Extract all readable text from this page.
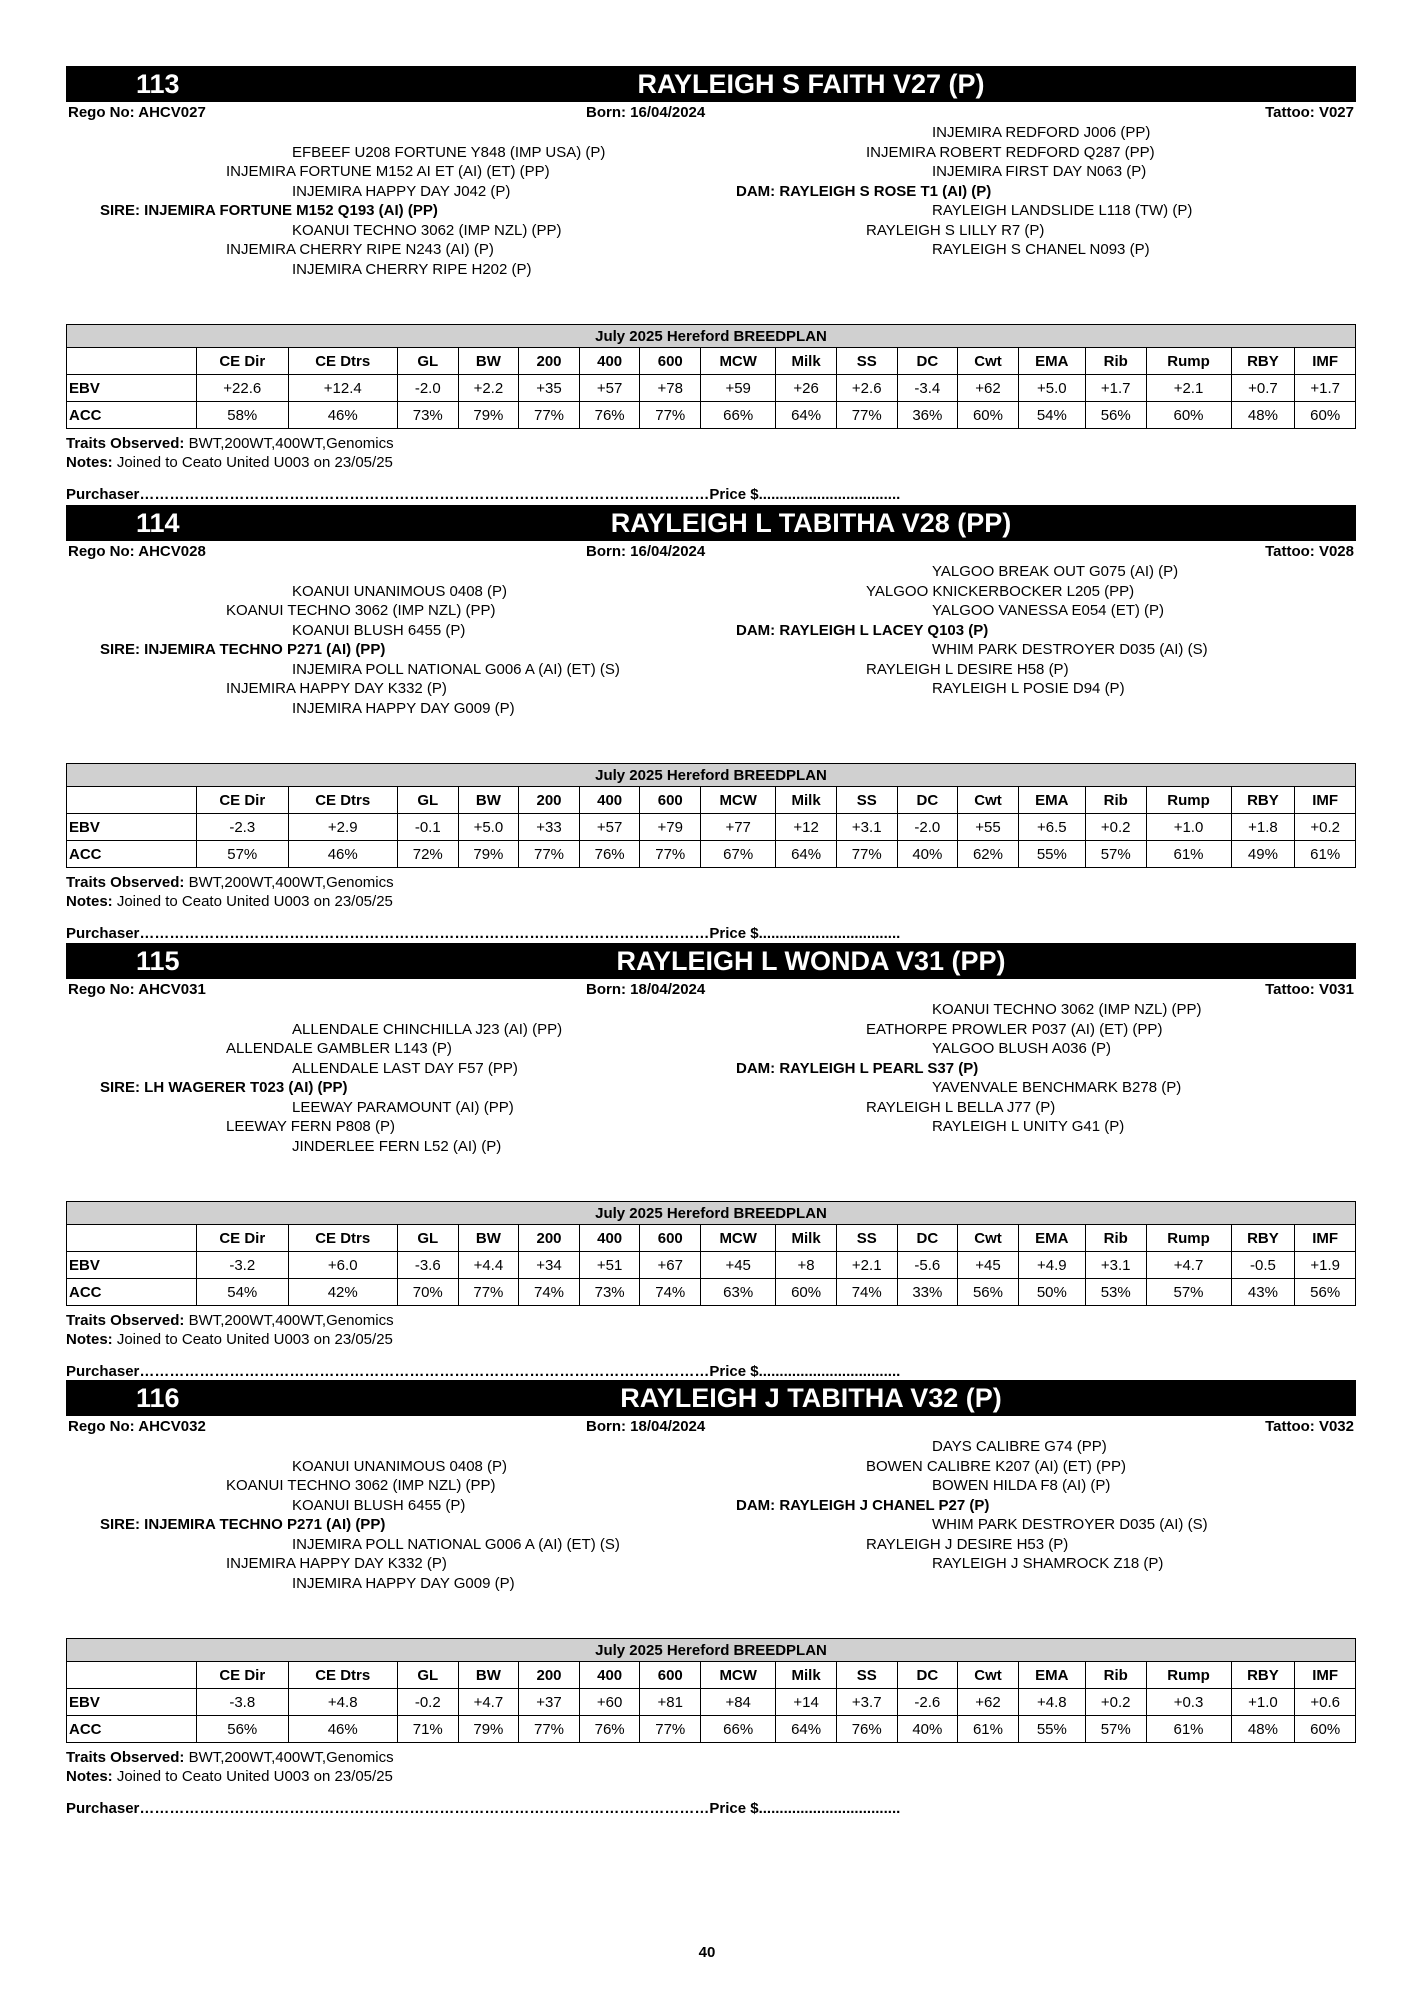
113	RAYLEIGH S FAITH V27 (P)
Rego No: AHCV027	Born: 16/04/2024	Tattoo: V027
EFBEEF U208 FORTUNE Y848 (IMP USA) (P)
INJEMIRA FORTUNE M152 AI ET (AI) (ET) (PP)
INJEMIRA HAPPY DAY J042 (P)
SIRE: INJEMIRA FORTUNE M152 Q193 (AI) (PP)
KOANUI TECHNO 3062 (IMP NZL) (PP)
INJEMIRA CHERRY RIPE N243 (AI) (P)
INJEMIRA CHERRY RIPE H202 (P)
INJEMIRA REDFORD J006 (PP)
INJEMIRA ROBERT REDFORD Q287 (PP)
INJEMIRA FIRST DAY N063 (P)
DAM: RAYLEIGH S ROSE T1 (AI) (P)
RAYLEIGH LANDSLIDE L118 (TW) (P)
RAYLEIGH S LILLY R7 (P)
RAYLEIGH S CHANEL N093 (P)
July 2025 Hereford BREEDPLAN																	
	CE Dir	CE Dtrs	GL	BW	200	400	600	MCW	Milk	SS	DC	Cwt	EMA	Rib	Rump	RBY	IMF
EBV	+22.6	+12.4	-2.0	+2.2	+35	+57	+78	+59	+26	+2.6	-3.4	+62	+5.0	+1.7	+2.1	+0.7	+1.7
ACC	58%	46%	73%	79%	77%	76%	77%	66%	64%	77%	36%	60%	54%	56%	60%	48%	60%
Traits Observed: BWT,200WT,400WT,Genomics
Notes: Joined to Ceato United U003 on 23/05/25
Purchaser……………………………………………………………………………………………………Price $..................................
114	RAYLEIGH L TABITHA V28 (PP)
Rego No: AHCV028	Born: 16/04/2024	Tattoo: V028
KOANUI UNANIMOUS 0408 (P)
KOANUI TECHNO 3062 (IMP NZL) (PP)
KOANUI BLUSH 6455 (P)
SIRE: INJEMIRA TECHNO P271 (AI) (PP)
INJEMIRA POLL NATIONAL G006 A (AI) (ET) (S)
INJEMIRA HAPPY DAY K332 (P)
INJEMIRA HAPPY DAY G009 (P)
YALGOO BREAK OUT G075 (AI) (P)
YALGOO KNICKERBOCKER L205 (PP)
YALGOO VANESSA E054 (ET) (P)
DAM: RAYLEIGH L LACEY Q103 (P)
WHIM PARK DESTROYER D035 (AI) (S)
RAYLEIGH L DESIRE H58 (P)
RAYLEIGH L POSIE D94 (P)
July 2025 Hereford BREEDPLAN																	
	CE Dir	CE Dtrs	GL	BW	200	400	600	MCW	Milk	SS	DC	Cwt	EMA	Rib	Rump	RBY	IMF
EBV	-2.3	+2.9	-0.1	+5.0	+33	+57	+79	+77	+12	+3.1	-2.0	+55	+6.5	+0.2	+1.0	+1.8	+0.2
ACC	57%	46%	72%	79%	77%	76%	77%	67%	64%	77%	40%	62%	55%	57%	61%	49%	61%
Traits Observed: BWT,200WT,400WT,Genomics
Notes: Joined to Ceato United U003 on 23/05/25
Purchaser……………………………………………………………………………………………………Price $..................................
115	RAYLEIGH L WONDA V31 (PP)
Rego No: AHCV031	Born: 18/04/2024	Tattoo: V031
ALLENDALE CHINCHILLA J23 (AI) (PP)
ALLENDALE GAMBLER L143 (P)
ALLENDALE LAST DAY F57 (PP)
SIRE: LH WAGERER T023 (AI) (PP)
LEEWAY PARAMOUNT (AI) (PP)
LEEWAY FERN P808 (P)
JINDERLEE FERN L52 (AI) (P)
KOANUI TECHNO 3062 (IMP NZL) (PP)
EATHORPE PROWLER P037 (AI) (ET) (PP)
YALGOO BLUSH A036 (P)
DAM: RAYLEIGH L PEARL S37 (P)
YAVENVALE BENCHMARK B278 (P)
RAYLEIGH L BELLA J77 (P)
RAYLEIGH L UNITY G41 (P)
July 2025 Hereford BREEDPLAN																	
	CE Dir	CE Dtrs	GL	BW	200	400	600	MCW	Milk	SS	DC	Cwt	EMA	Rib	Rump	RBY	IMF
EBV	-3.2	+6.0	-3.6	+4.4	+34	+51	+67	+45	+8	+2.1	-5.6	+45	+4.9	+3.1	+4.7	-0.5	+1.9
ACC	54%	42%	70%	77%	74%	73%	74%	63%	60%	74%	33%	56%	50%	53%	57%	43%	56%
Traits Observed: BWT,200WT,400WT,Genomics
Notes: Joined to Ceato United U003 on 23/05/25
Purchaser……………………………………………………………………………………………………Price $..................................
116	RAYLEIGH J TABITHA V32 (P)
Rego No: AHCV032	Born: 18/04/2024	Tattoo: V032
KOANUI UNANIMOUS 0408 (P)
KOANUI TECHNO 3062 (IMP NZL) (PP)
KOANUI BLUSH 6455 (P)
SIRE: INJEMIRA TECHNO P271 (AI) (PP)
INJEMIRA POLL NATIONAL G006 A (AI) (ET) (S)
INJEMIRA HAPPY DAY K332 (P)
INJEMIRA HAPPY DAY G009 (P)
DAYS CALIBRE G74 (PP)
BOWEN CALIBRE K207 (AI) (ET) (PP)
BOWEN HILDA F8 (AI) (P)
DAM: RAYLEIGH J CHANEL P27 (P)
WHIM PARK DESTROYER D035 (AI) (S)
RAYLEIGH J DESIRE H53 (P)
RAYLEIGH J SHAMROCK Z18 (P)
July 2025 Hereford BREEDPLAN																	
	CE Dir	CE Dtrs	GL	BW	200	400	600	MCW	Milk	SS	DC	Cwt	EMA	Rib	Rump	RBY	IMF
EBV	-3.8	+4.8	-0.2	+4.7	+37	+60	+81	+84	+14	+3.7	-2.6	+62	+4.8	+0.2	+0.3	+1.0	+0.6
ACC	56%	46%	71%	79%	77%	76%	77%	66%	64%	76%	40%	61%	55%	57%	61%	48%	60%
Traits Observed: BWT,200WT,400WT,Genomics
Notes: Joined to Ceato United U003 on 23/05/25
Purchaser……………………………………………………………………………………………………Price $..................................
40
